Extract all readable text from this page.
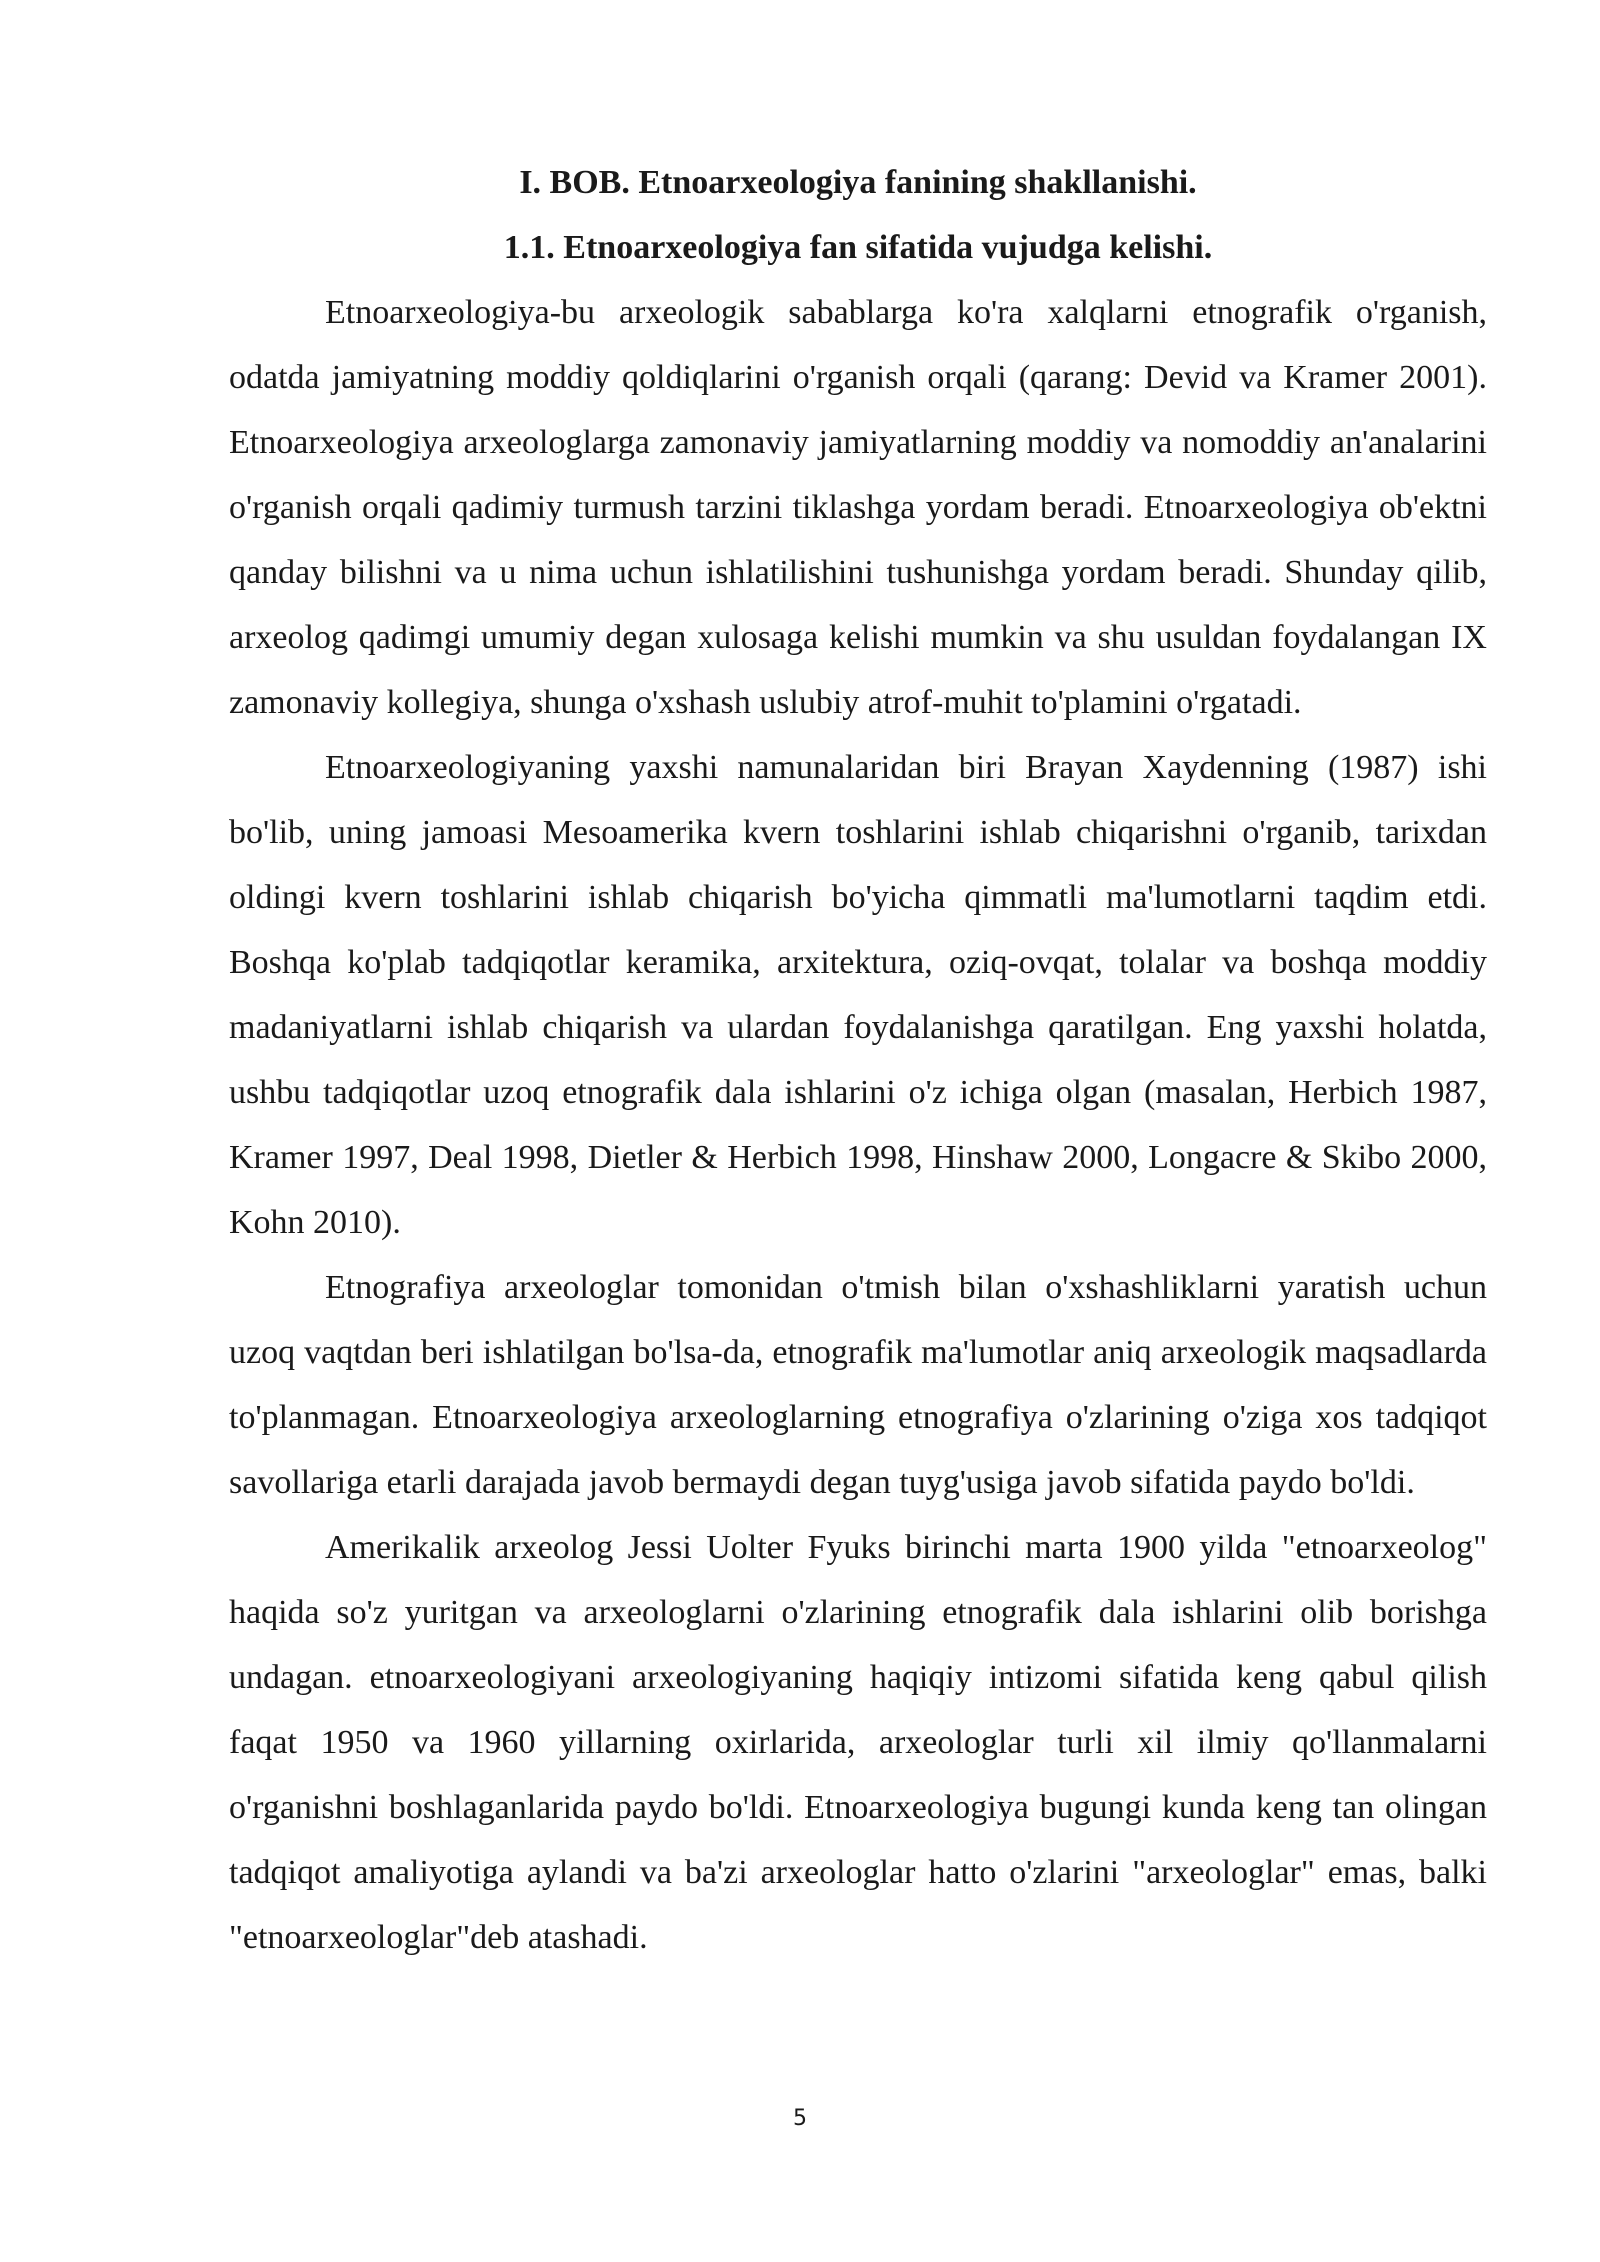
I. BOB. Etnoarxeologiya fanining shakllanishi.
1.1. Etnoarxeologiya fan sifatida vujudga kelishi.

Etnoarxeologiya-bu arxeologik sabablarga ko'ra xalqlarni etnografik o'rganish, odatda jamiyatning moddiy qoldiqlarini o'rganish orqali (qarang: Devid va Kramer 2001). Etnoarxeologiya arxeologlarga zamonaviy jamiyatlarning moddiy va nomoddiy an'analarini o'rganish orqali qadimiy turmush tarzini tiklashga yordam beradi. Etnoarxeologiya ob'ektni qanday bilishni va u nima uchun ishlatilishini tushunishga yordam beradi. Shunday qilib, arxeolog qadimgi umumiy degan xulosaga kelishi mumkin va shu usuldan foydalangan IX zamonaviy kollegiya, shunga o'xshash uslubiy atrof-muhit to'plamini o'rgatadi.

Etnoarxeologiyaning yaxshi namunalaridan biri Brayan Xaydenning (1987) ishi bo'lib, uning jamoasi Mesoamerika kvern toshlarini ishlab chiqarishni o'rganib, tarixdan oldingi kvern toshlarini ishlab chiqarish bo'yicha qimmatli ma'lumotlarni taqdim etdi. Boshqa ko'plab tadqiqotlar keramika, arxitektura, oziq-ovqat, tolalar va boshqa moddiy madaniyatlarni ishlab chiqarish va ulardan foydalanishga qaratilgan. Eng yaxshi holatda, ushbu tadqiqotlar uzoq etnografik dala ishlarini o'z ichiga olgan (masalan, Herbich 1987, Kramer 1997, Deal 1998, Dietler & Herbich 1998, Hinshaw 2000, Longacre & Skibo 2000, Kohn 2010).

Etnografiya arxeologlar tomonidan o'tmish bilan o'xshashliklarni yaratish uchun uzoq vaqtdan beri ishlatilgan bo'lsa-da, etnografik ma'lumotlar aniq arxeologik maqsadlarda to'planmagan. Etnoarxeologiya arxeologlarning etnografiya o'zlarining o'ziga xos tadqiqot savollariga etarli darajada javob bermaydi degan tuyg'usiga javob sifatida paydo bo'ldi.

Amerikalik arxeolog Jessi Uolter Fyuks birinchi marta 1900 yilda "etnoarxeolog" haqida so'z yuritgan va arxeologlarni o'zlarining etnografik dala ishlarini olib borishga undagan. etnoarxeologiyani arxeologiyaning haqiqiy intizomi sifatida keng qabul qilish faqat 1950 va 1960 yillarning oxirlarida, arxeologlar turli xil ilmiy qo'llanmalarni o'rganishni boshlaganlarida paydo bo'ldi. Etnoarxeologiya bugungi kunda keng tan olingan tadqiqot amaliyotiga aylandi va ba'zi arxeologlar hatto o'zlarini "arxeologlar" emas, balki "etnoarxeologlar"deb atashadi.

5
